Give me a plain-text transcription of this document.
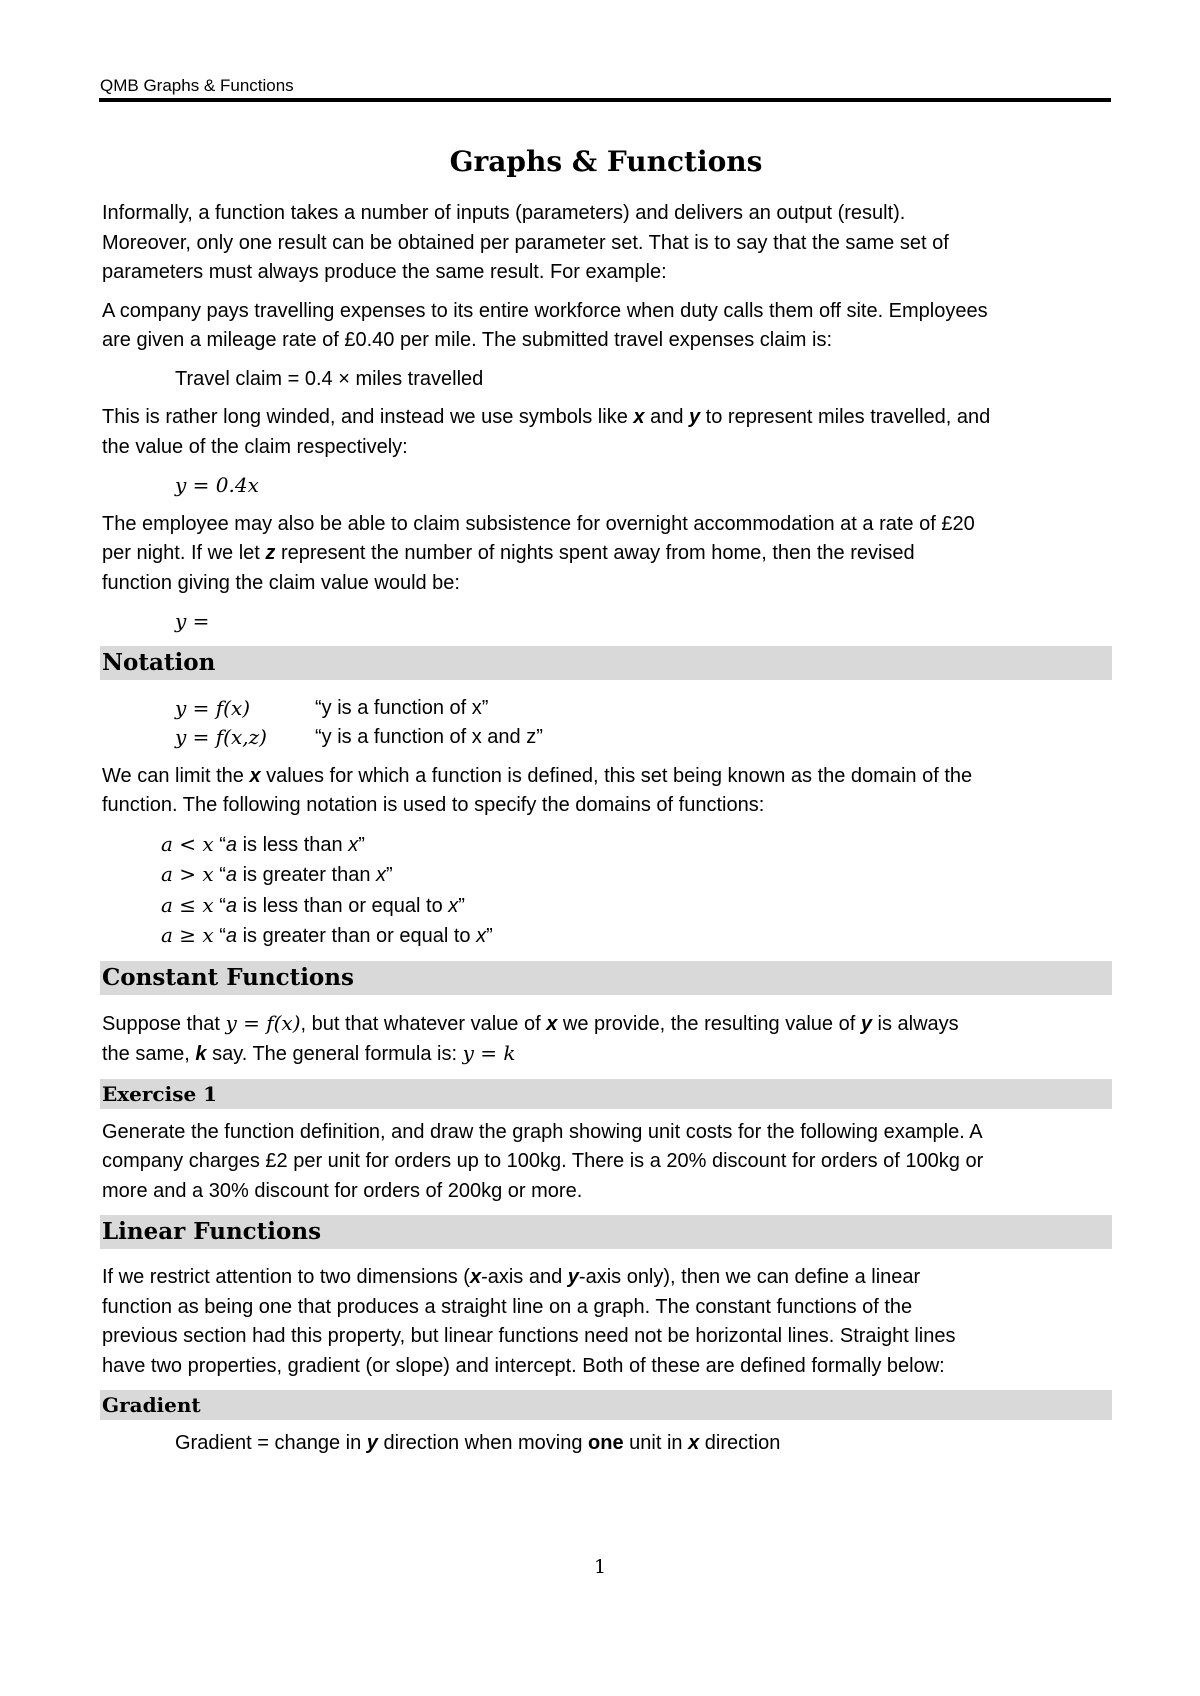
QMB Graphs & Functions
Graphs & Functions

Informally, a function takes a number of inputs (parameters) and delivers an output (result).
Moreover, only one result can be obtained per parameter set. That is to say that the same set of
parameters must always produce the same result. For example:

A company pays travelling expenses to its entire workforce when duty calls them off site. Employees
are given a mileage rate of £0.40 per mile. The submitted travel expenses claim is:

Travel claim = 0.4 × miles travelled

This is rather long winded, and instead we use symbols like x and y to represent miles travelled, and
the value of the claim respectively:

y = 0.4x

The employee may also be able to claim subsistence for overnight accommodation at a rate of £20
per night. If we let z represent the number of nights spent away from home, then the revised
function giving the claim value would be:

y =

Notation
y = f(x)	“y is a function of x”
y = f(x,z)	“y is a function of x and z”

We can limit the x values for which a function is defined, this set being known as the domain of the
function. The following notation is used to specify the domains of functions:

a < x “a is less than x”
a > x “a is greater than x”
a ≤ x “a is less than or equal to x”
a ≥ x “a is greater than or equal to x”
Constant Functions

Suppose that y = f(x), but that whatever value of x we provide, the resulting value of y is always
the same, k say. The general formula is: y = k

Exercise 1

Generate the function definition, and draw the graph showing unit costs for the following example. A
company charges £2 per unit for orders up to 100kg. There is a 20% discount for orders of 100kg or
more and a 30% discount for orders of 200kg or more.

Linear Functions

If we restrict attention to two dimensions (x-axis and y-axis only), then we can define a linear
function as being one that produces a straight line on a graph. The constant functions of the
previous section had this property, but linear functions need not be horizontal lines. Straight lines
have two properties, gradient (or slope) and intercept. Both of these are defined formally below:

Gradient

Gradient = change in y direction when moving one unit in x direction

1
